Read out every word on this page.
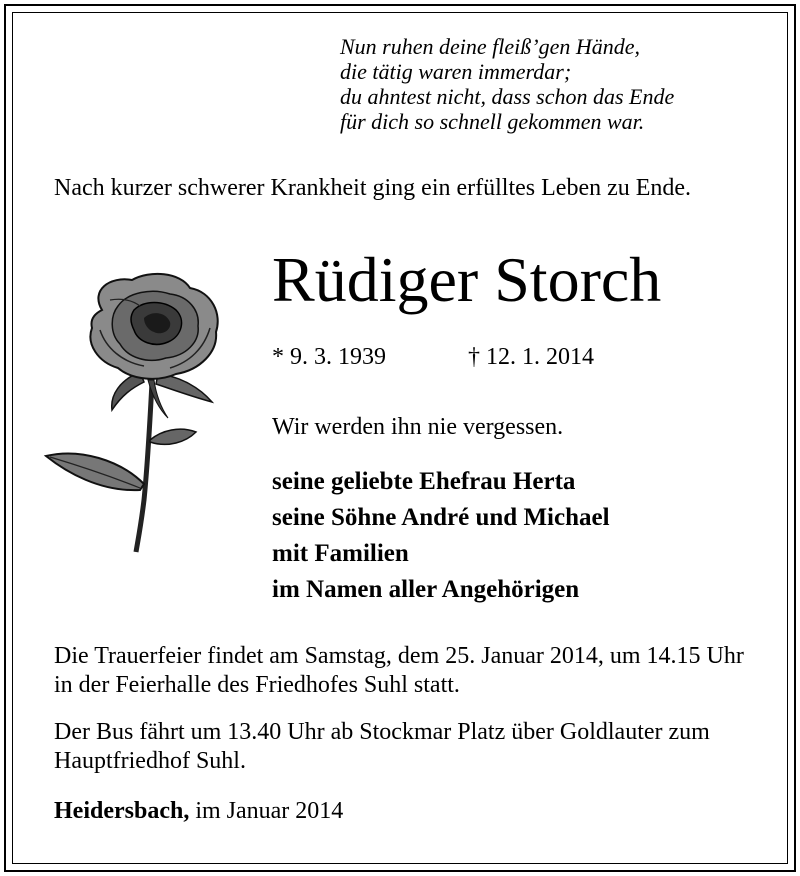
Nun ruhen deine fleiß’gen Hände,
die tätig waren immerdar;
du ahntest nicht, dass schon das Ende
für dich so schnell gekommen war.
Nach kurzer schwerer Krankheit ging ein erfülltes Leben zu Ende.
Rüdiger Storch
* 9. 3. 1939	† 12. 1. 2014
Wir werden ihn nie vergessen.
seine geliebte Ehefrau Herta
seine Söhne André und Michael
mit Familien
im Namen aller Angehörigen
Die Trauerfeier findet am Samstag, dem 25. Januar 2014, um 14.15 Uhr in der Feierhalle des Friedhofes Suhl statt.
Der Bus fährt um 13.40 Uhr ab Stockmar Platz über Goldlauter zum Hauptfriedhof Suhl.
Heidersbach, im Januar 2014
